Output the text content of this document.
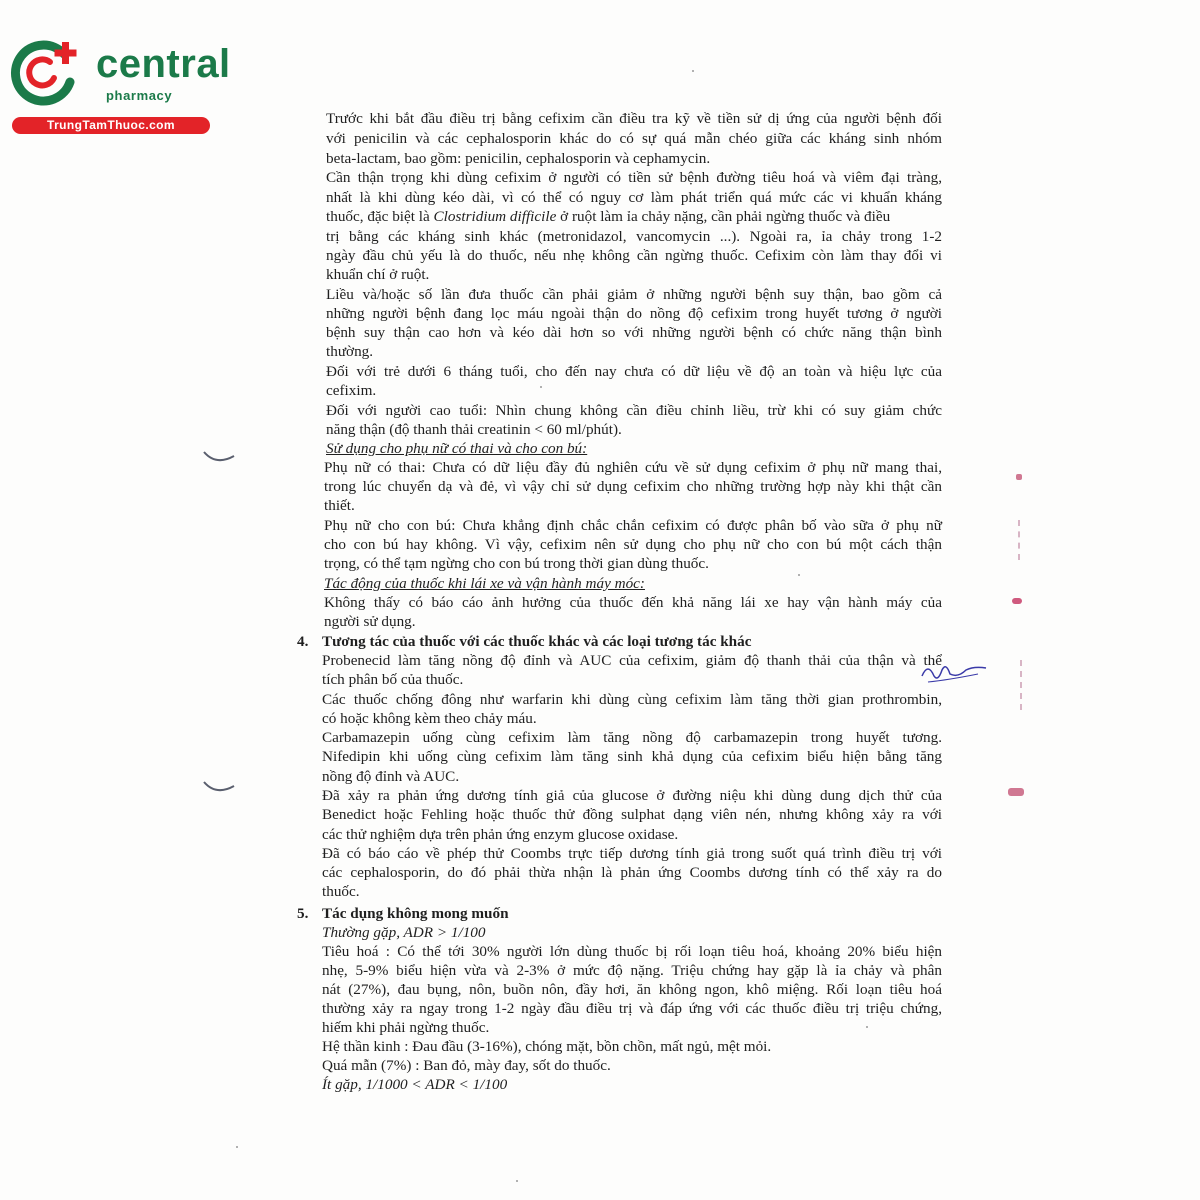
central
pharmacy
TrungTamThuoc.com	Trước khi bắt đầu điều trị bằng cefixim cần điều tra kỹ về tiền sử dị ứng của người bệnh đối
với penicilin và các cephalosporin khác do có sự quá mẫn chéo giữa các kháng sinh nhóm
beta-lactam, bao gồm: penicilin, cephalosporin và cephamycin.
Cần thận trọng khi dùng cefixim ở người có tiền sử bệnh đường tiêu hoá và viêm đại tràng,
nhất là khi dùng kéo dài, vì có thể có nguy cơ làm phát triển quá mức các vi khuẩn kháng
thuốc, đặc biệt là Clostridium difficile ở ruột làm ỉa chảy nặng, cần phải ngừng thuốc và điều
trị bằng các kháng sinh khác (metronidazol, vancomycin ...). Ngoài ra, ỉa chảy trong 1-2
ngày đầu chủ yếu là do thuốc, nếu nhẹ không cần ngừng thuốc. Cefixim còn làm thay đổi vi
khuẩn chí ở ruột.
Liều và/hoặc số lần đưa thuốc cần phải giảm ở những người bệnh suy thận, bao gồm cả
những người bệnh đang lọc máu ngoài thận do nồng độ cefixim trong huyết tương ở người
bệnh suy thận cao hơn và kéo dài hơn so với những người bệnh có chức năng thận bình
thường.
Đối với trẻ dưới 6 tháng tuổi, cho đến nay chưa có dữ liệu về độ an toàn và hiệu lực của
cefixim.
Đối với người cao tuổi: Nhìn chung không cần điều chỉnh liều, trừ khi có suy giảm chức
năng thận (độ thanh thải creatinin < 60 ml/phút).
Sử dụng cho phụ nữ có thai và cho con bú:
Phụ nữ có thai: Chưa có dữ liệu đầy đủ nghiên cứu về sử dụng cefixim ở phụ nữ mang thai,
trong lúc chuyển dạ và đẻ, vì vậy chỉ sử dụng cefixim cho những trường hợp này khi thật cần
thiết.
Phụ nữ cho con bú: Chưa khẳng định chắc chắn cefixim có được phân bố vào sữa ở phụ nữ
cho con bú hay không. Vì vậy, cefixim nên sử dụng cho phụ nữ cho con bú một cách thận
trọng, có thể tạm ngừng cho con bú trong thời gian dùng thuốc.
Tác động của thuốc khi lái xe và vận hành máy móc:
Không thấy có báo cáo ảnh hưởng của thuốc đến khả năng lái xe hay vận hành máy của
người sử dụng.
4. Tương tác của thuốc với các thuốc khác và các loại tương tác khác
Probenecid làm tăng nồng độ đỉnh và AUC của cefixim, giảm độ thanh thải của thận và thể
tích phân bố của thuốc.
Các thuốc chống đông như warfarin khi dùng cùng cefixim làm tăng thời gian prothrombin,
có hoặc không kèm theo chảy máu.
Carbamazepin uống cùng cefixim làm tăng nồng độ carbamazepin trong huyết tương.
Nifedipin khi uống cùng cefixim làm tăng sinh khả dụng của cefixim biểu hiện bằng tăng
nồng độ đỉnh và AUC.
Đã xảy ra phản ứng dương tính giả của glucose ở đường niệu khi dùng dung dịch thử của
Benedict hoặc Fehling hoặc thuốc thử đồng sulphat dạng viên nén, nhưng không xảy ra với
các thử nghiệm dựa trên phản ứng enzym glucose oxidase.
Đã có báo cáo về phép thử Coombs trực tiếp dương tính giả trong suốt quá trình điều trị với
các cephalosporin, do đó phải thừa nhận là phản ứng Coombs dương tính có thể xảy ra do
thuốc.
5. Tác dụng không mong muốn
Thường gặp, ADR > 1/100
Tiêu hoá : Có thể tới 30% người lớn dùng thuốc bị rối loạn tiêu hoá, khoảng 20% biểu hiện
nhẹ, 5-9% biểu hiện vừa và 2-3% ở mức độ nặng. Triệu chứng hay gặp là ỉa chảy và phân
nát (27%), đau bụng, nôn, buồn nôn, đầy hơi, ăn không ngon, khô miệng. Rối loạn tiêu hoá
thường xảy ra ngay trong 1-2 ngày đầu điều trị và đáp ứng với các thuốc điều trị triệu chứng,
hiếm khi phải ngừng thuốc.
Hệ thần kinh : Đau đầu (3-16%), chóng mặt, bồn chồn, mất ngủ, mệt mỏi.
Quá mẫn (7%) : Ban đỏ, mày đay, sốt do thuốc.
Ít gặp, 1/1000 < ADR < 1/100
